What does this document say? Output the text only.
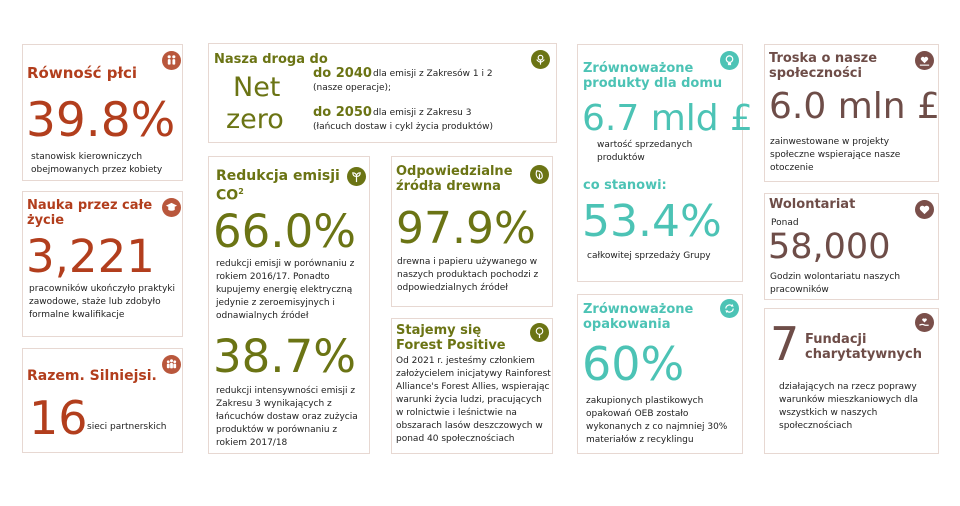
Równość płci
39.8%
stanowisk kierowniczych obejmowanych przez kobiety
Nauka przez całe życie
3,221
pracowników ukończyło praktyki zawodowe, staże lub zdobyło formalne kwalifikacje
Razem. Silniejsi.
16 sieci partnerskich
Nasza droga do
Net
zero
do 2040 dla emisji z Zakresów 1 i 2
(nasze operacje);
do 2050 dla emisji z Zakresu 3
(łańcuch dostaw i cykl życia produktów)
Redukcja emisji
$CO^2$
66.0%
redukcji emisji w porównaniu z rokiem 2016/17. Ponadto kupujemy energię elektryczną jedynie z zeroemisyjnych i odnawialnych źródeł
38.7%
redukcji intensywności emisji z Zakresu 3 wynikających z łańcuchów dostaw oraz zużycia produktów w porównaniu z rokiem 2017/18
Odpowiedzialne źródła drewna
97.9%
drewna i papieru używanego w naszych produktach pochodzi z odpowiedzialnych źródeł
Stajemy się Forest Positive
Od 2021 r. jesteśmy członkiem założycielem inicjatywy Rainforest Alliance's Forest Allies, wspierając warunki życia ludzi, pracujących w rolnictwie i leśnictwie na obszarach lasów deszczowych w ponad 40 społecznościach
Zrównoważone produkty dla domu
6.7 mld £
wartość sprzedanych produktów
co stanowi:
53.4%
całkowitej sprzedaży Grupy
Zrównoważone opakowania
60%
zakupionych plastikowych opakowań OEB zostało wykonanych z co najmniej 30% materiałów z recyklingu
Troska o nasze społeczności
6.0 mln £
zainwestowane w projekty społeczne wspierające nasze otoczenie
Wolontariat
Ponad
58,000
Godzin wolontariatu naszych pracowników
7 Fundacji charytatywnych
działających na rzecz poprawy warunków mieszkaniowych dla wszystkich w naszych społecznościach
